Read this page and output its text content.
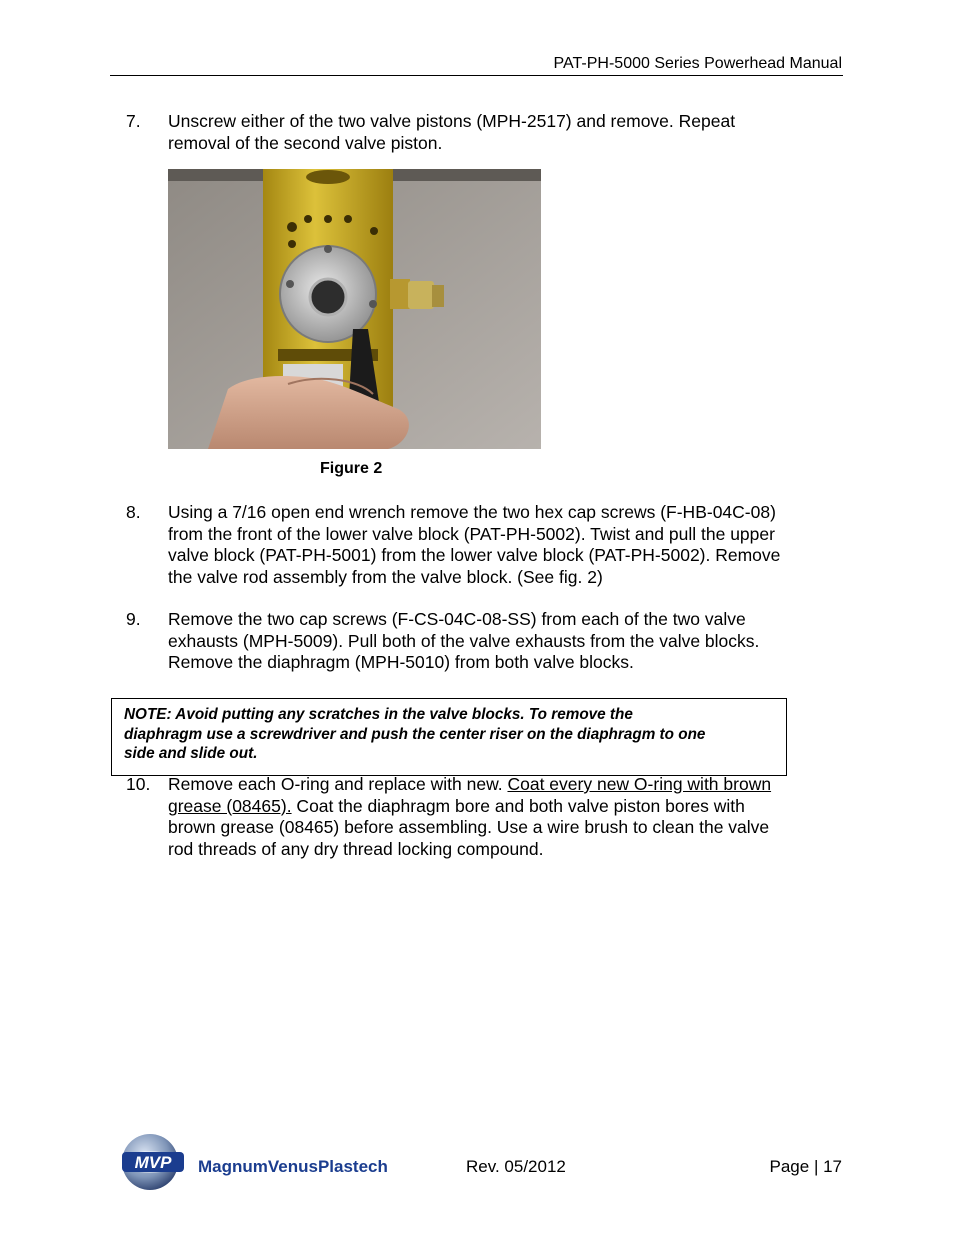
PAT-PH-5000 Series Powerhead Manual
7.	Unscrew either of the two valve pistons (MPH-2517) and remove. Repeat
removal of the second valve piston.
Figure 2
8.	Using a 7/16 open end wrench remove the two hex cap screws (F-HB-04C-08)
from the front of the lower valve block (PAT-PH-5002). Twist and pull the upper
valve block (PAT-PH-5001) from the lower valve block (PAT-PH-5002). Remove
the valve rod assembly from the valve block. (See fig. 2)
9.	Remove the two cap screws (F-CS-04C-08-SS) from each of the two valve
exhausts (MPH-5009). Pull both of the valve exhausts from the valve blocks.
Remove the diaphragm (MPH-5010) from both valve blocks.
NOTE: Avoid putting any scratches in the valve blocks. To remove the
diaphragm use a screwdriver and push the center riser on the diaphragm to one
side and slide out.
10.	Remove each O-ring and replace with new. Coat every new O-ring with brown
grease (08465). Coat the diaphragm bore and both valve piston bores with
brown grease (08465) before assembling. Use a wire brush to clean the valve
rod threads of any dry thread locking compound.
MVP MagnumVenusPlastech	Rev. 05/2012	Page | 17
